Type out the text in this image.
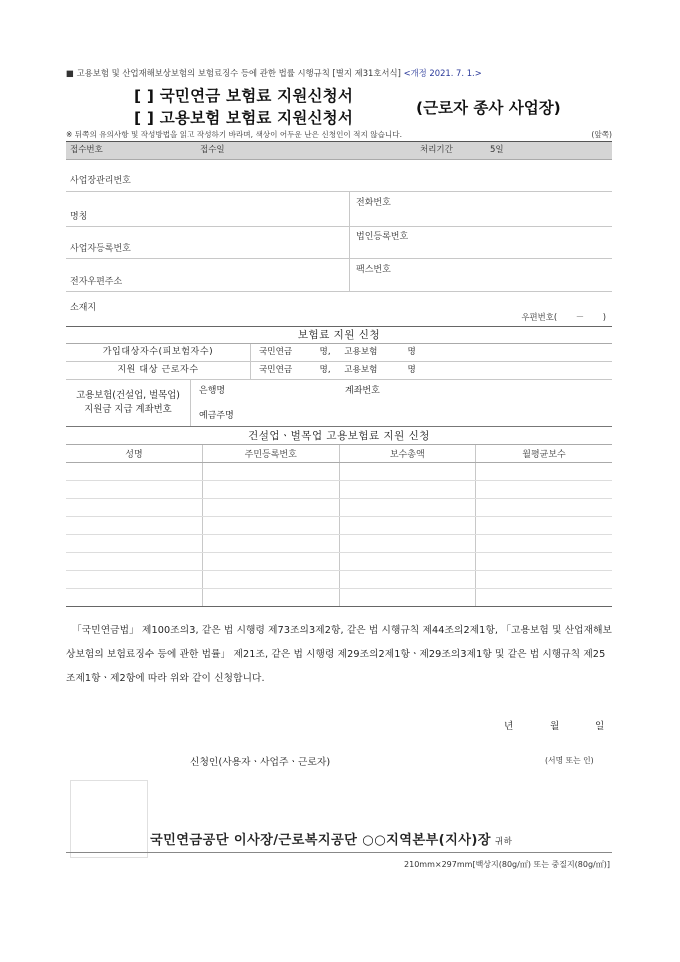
■ 고용보험 및 산업재해보상보험의 보험료징수 등에 관한 법률 시행규칙 [별지 제31호서식] <개정 2021. 7. 1.>
[ ] 국민연금 보험료 지원신청서
[ ] 고용보험 보험료 지원신청서
(근로자 종사 사업장)
※ 뒤쪽의 유의사항 및 작성방법을 읽고 작성하기 바라며, 색상이 어두운 난은 신청인이 적지 않습니다.	(앞쪽)
접수번호	접수일	처리기간	5일
사업장관리번호
명칭
전화번호
사업자등록번호
법인등록번호
전자우편주소
팩스번호
소재지
우편번호(       －       )
보험료 지원 신청
가입대상자수(피보험자수)	국민연금          명,     고용보험           명
지원 대상 근로자수	국민연금          명,     고용보험           명
고용보험(건설업, 벌목업)
지원금 지급 계좌번호
은행명	계좌번호
예금주명
건설업ㆍ벌목업 고용보험료 지원 신청
성명	주민등록번호	보수총액	월평균보수

「국민연금법」 제100조의3, 같은 법 시행령 제73조의3제2항, 같은 법 시행규칙 제44조의2제1항, 「고용보험 및 산업재해보상보험의 보험료징수 등에 관한 법률」 제21조, 같은 법 시행령 제29조의2제1항ㆍ제29조의3제1항 및 같은 법 시행규칙 제25조제1항ㆍ제2항에 따라 위와 같이 신청합니다.
년	월	일
신청인(사용자ㆍ사업주ㆍ근로자)	(서명 또는 인)
국민연금공단 이사장/근로복지공단 ○○지역본부(지사)장 귀하
210mm×297mm[백상지(80g/㎡) 또는 중질지(80g/㎡)]
